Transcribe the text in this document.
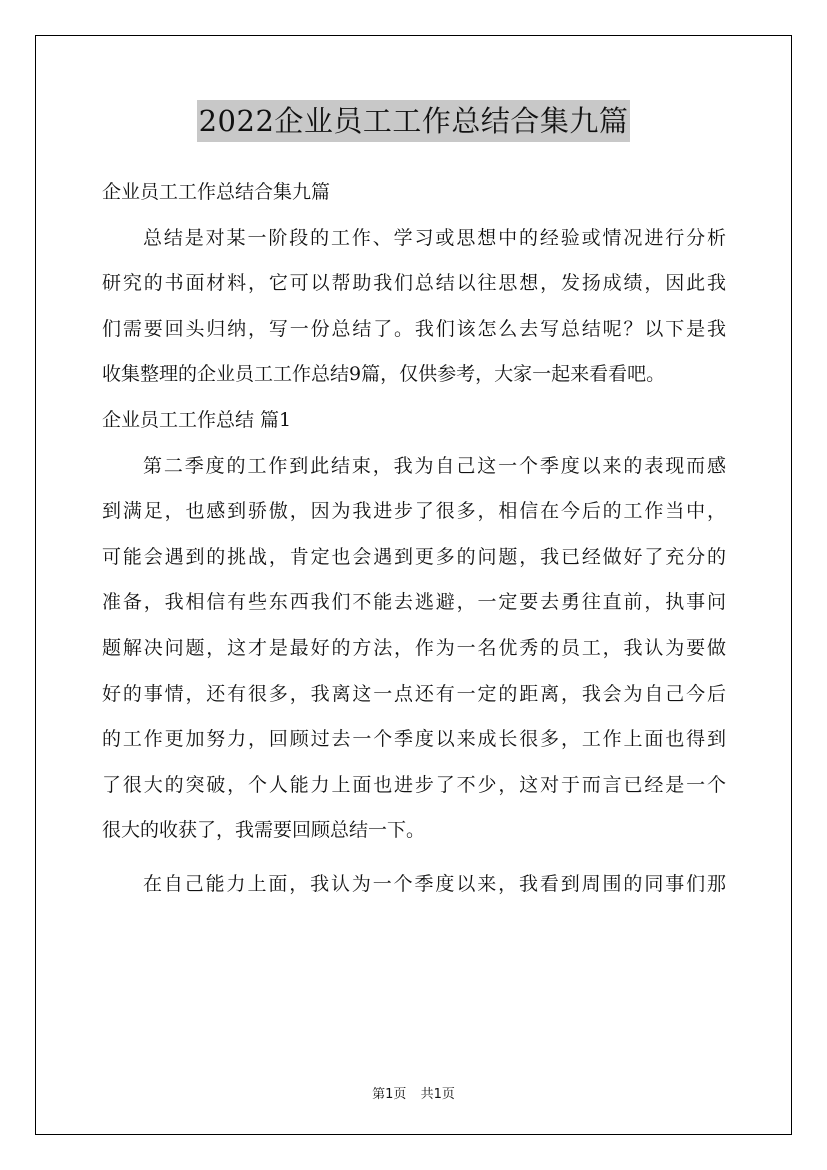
2022企业员工工作总结合集九篇
企业员工工作总结合集九篇
总结是对某一阶段的工作、学习或思想中的经验或情况进行分析
研究的书面材料，它可以帮助我们总结以往思想，发扬成绩，因此我
们需要回头归纳，写一份总结了。我们该怎么去写总结呢？以下是我
收集整理的企业员工工作总结9篇，仅供参考，大家一起来看看吧。
企业员工工作总结 篇1
第二季度的工作到此结束，我为自己这一个季度以来的表现而感
到满足，也感到骄傲，因为我进步了很多，相信在今后的工作当中，
可能会遇到的挑战，肯定也会遇到更多的问题，我已经做好了充分的
准备，我相信有些东西我们不能去逃避，一定要去勇往直前，执事问
题解决问题，这才是最好的方法，作为一名优秀的员工，我认为要做
好的事情，还有很多，我离这一点还有一定的距离，我会为自己今后
的工作更加努力，回顾过去一个季度以来成长很多，工作上面也得到
了很大的突破，个人能力上面也进步了不少，这对于而言已经是一个
很大的收获了，我需要回顾总结一下。
在自己能力上面，我认为一个季度以来，我看到周围的同事们那
第1页 共1页
